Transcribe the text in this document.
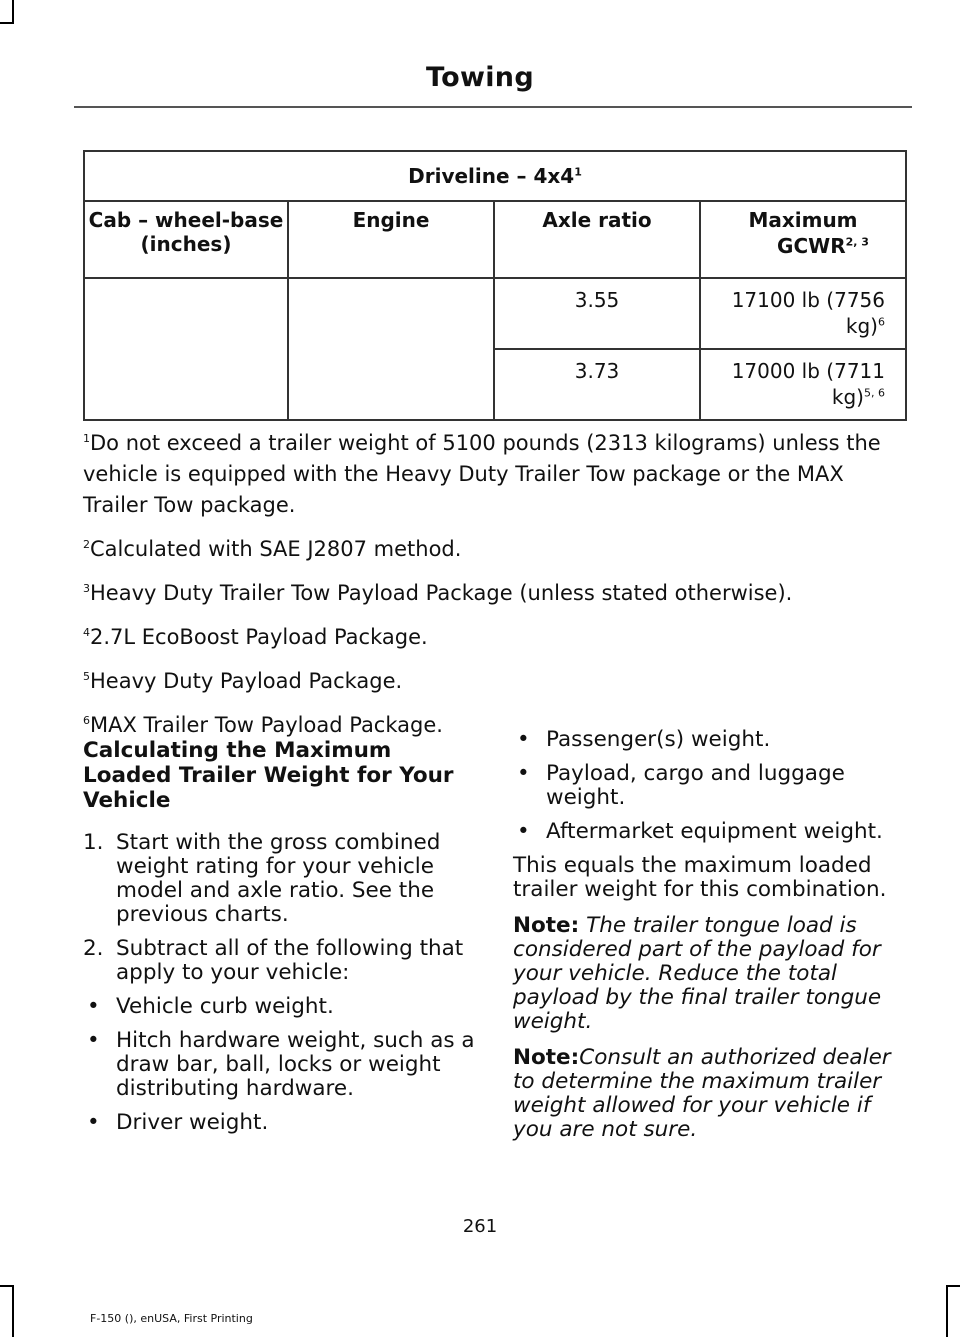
Towing
Driveline – $4x4^1$
Cab – wheel-base (inches)	Engine	Axle ratio	Maximum
GCWR$^{2, 3}$

		3.55	17100 lb (7756
kg)$^6$
		3.73	17000 lb (7711
kg)$^{5, 6}$

$^1$Do not exceed a trailer weight of 5100 pounds (2313 kilograms) unless the vehicle is equipped with the Heavy Duty Trailer Tow package or the MAX Trailer Tow package.

$^2$Calculated with SAE J2807 method.

$^3$Heavy Duty Trailer Tow Payload Package (unless stated otherwise).

$^4$2.7L EcoBoost Payload Package.

$^5$Heavy Duty Payload Package.

$^6$MAX Trailer Tow Payload Package.

Calculating the Maximum Loaded Trailer Weight for Your Vehicle
1. Start with the gross combined weight rating for your vehicle model and axle ratio. See the previous charts.
2. Subtract all of the following that apply to your vehicle:
• Vehicle curb weight.
• Hitch hardware weight, such as a draw bar, ball, locks or weight distributing hardware.
• Driver weight.
• Passenger(s) weight.
• Payload, cargo and luggage weight.
• Aftermarket equipment weight.
This equals the maximum loaded trailer weight for this combination.
Note: The trailer tongue load is considered part of the payload for your vehicle. Reduce the total payload by the final trailer tongue weight.
Note:Consult an authorized dealer to determine the maximum trailer weight allowed for your vehicle if you are not sure.
261
F-150 (), enUSA, First Printing
